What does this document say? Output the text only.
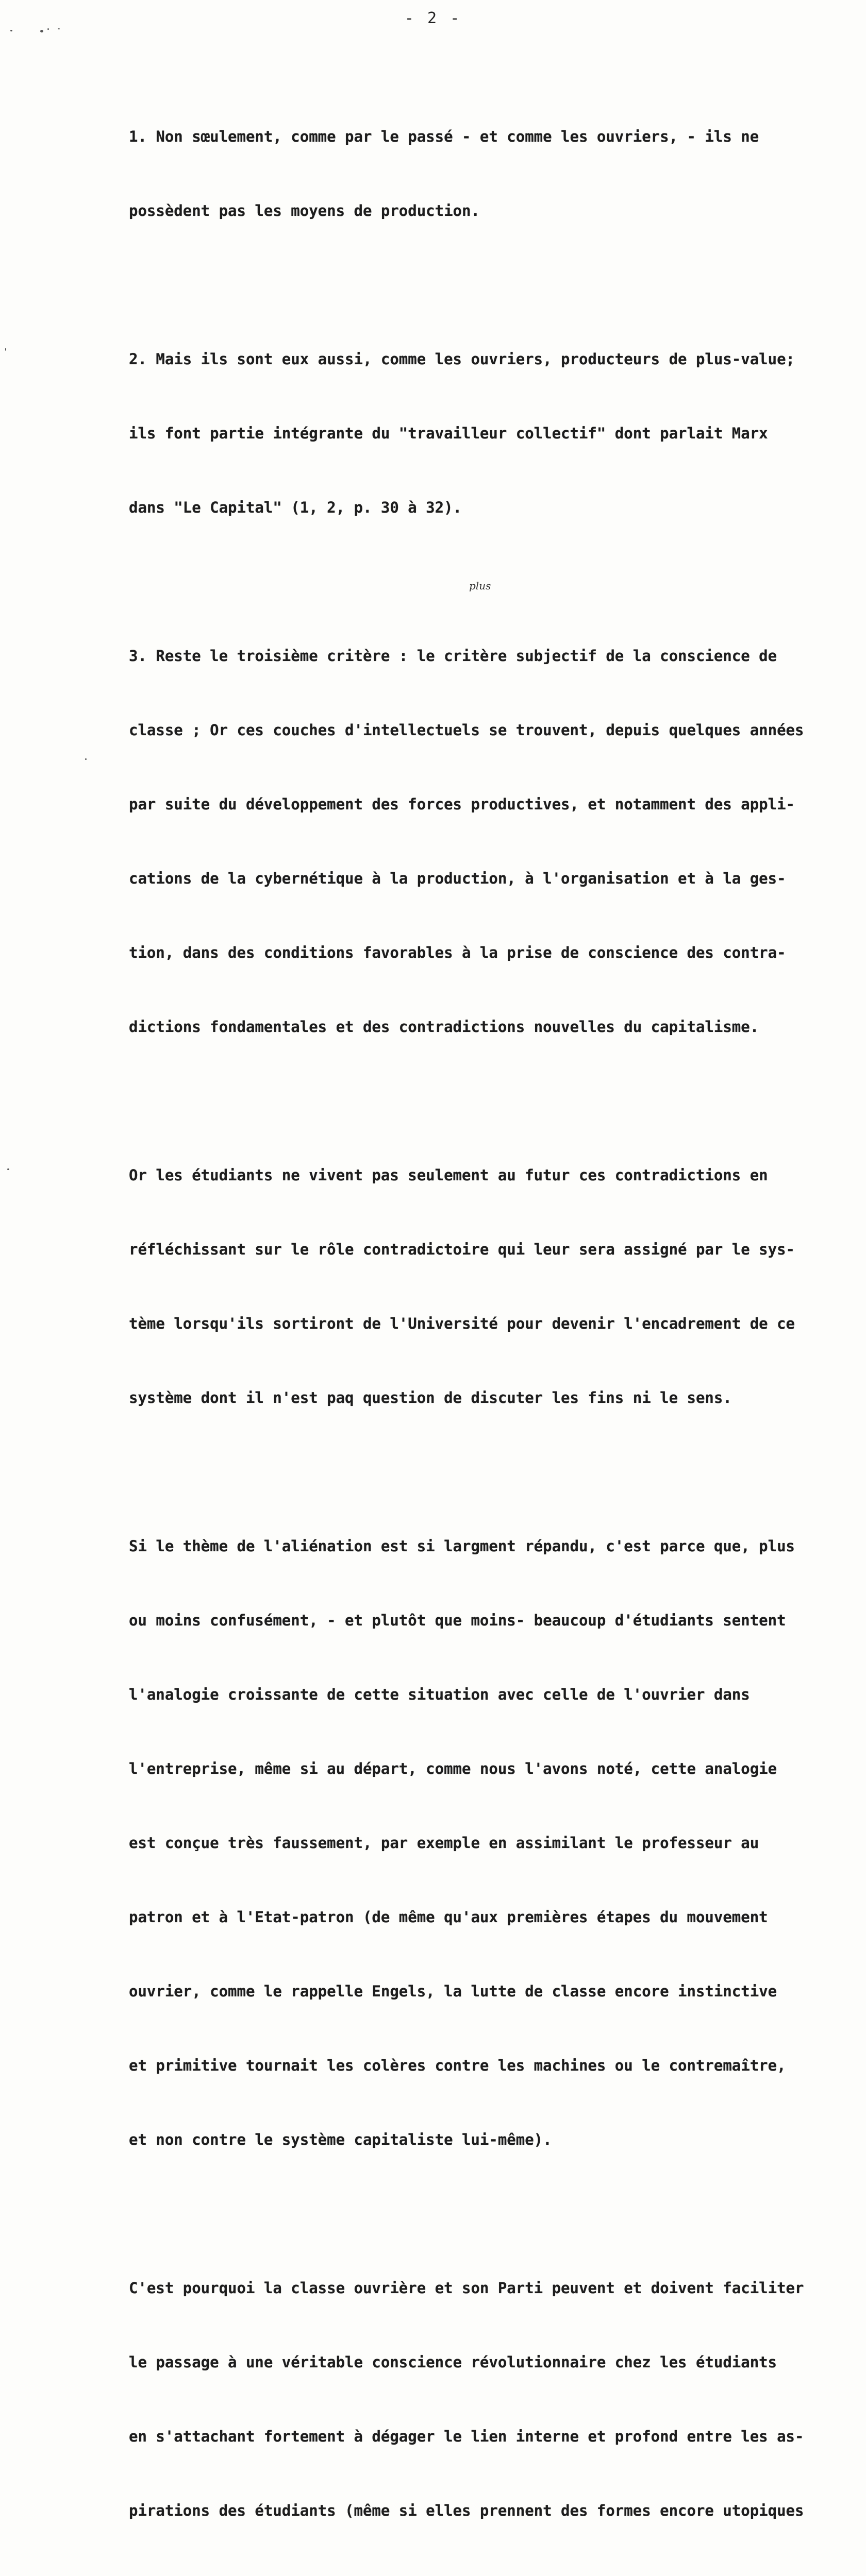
- 2 -
plus

1. Non sœulement, comme par le passé - et comme les ouvriers, - ils ne

possèdent pas les moyens de production.

2. Mais ils sont eux aussi, comme les ouvriers, producteurs de plus-value;

ils font partie intégrante du "travailleur collectif" dont parlait Marx

dans "Le Capital" (1, 2, p. 30 à 32).

3. Reste le troisième critère : le critère subjectif de la conscience de

classe ; Or ces couches d'intellectuels se trouvent, depuis quelques années

par suite du développement des forces productives, et notamment des appli-

cations de la cybernétique à la production, à l'organisation et à la ges-

tion, dans des conditions favorables à la prise de conscience des contra-

dictions fondamentales et des contradictions nouvelles du capitalisme.

Or les étudiants ne vivent pas seulement au futur ces contradictions en

réfléchissant sur le rôle contradictoire qui leur sera assigné par le sys-

tème lorsqu'ils sortiront de l'Université pour devenir l'encadrement de ce

système dont il n'est paq question de discuter les fins ni le sens.

Si le thème de l'aliénation est si largment répandu, c'est parce que, plus

ou moins confusément, - et plutôt que moins- beaucoup d'étudiants sentent

l'analogie croissante de cette situation avec celle de l'ouvrier dans

l'entreprise, même si au départ, comme nous l'avons noté, cette analogie

est conçue très faussement, par exemple en assimilant le professeur au

patron et à l'Etat-patron (de même qu'aux premières étapes du mouvement

ouvrier, comme le rappelle Engels, la lutte de classe encore instinctive

et primitive tournait les colères contre les machines ou le contremaître,

et non contre le système capitaliste lui-même).

C'est pourquoi la classe ouvrière et son Parti peuvent et doivent faciliter

le passage à une véritable conscience révolutionnaire chez les étudiants

en s'attachant fortement à dégager le lien interne et profond entre les as-

pirations des étudiants (même si elles prennent des formes encore utopiques
